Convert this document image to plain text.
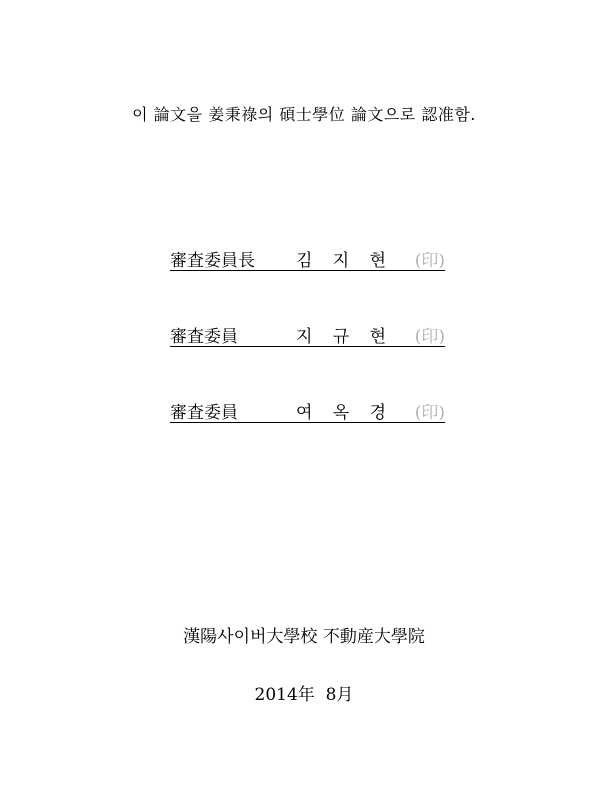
이 論文을 姜秉祿의 碩士學位 論文으로 認准함.
審査委員長 김 지 현 (印)
審査委員	지 규 현 (印)
審査委員	여 옥 경 (印)
漢陽사이버大學校 不動産大學院
2014年  8月
